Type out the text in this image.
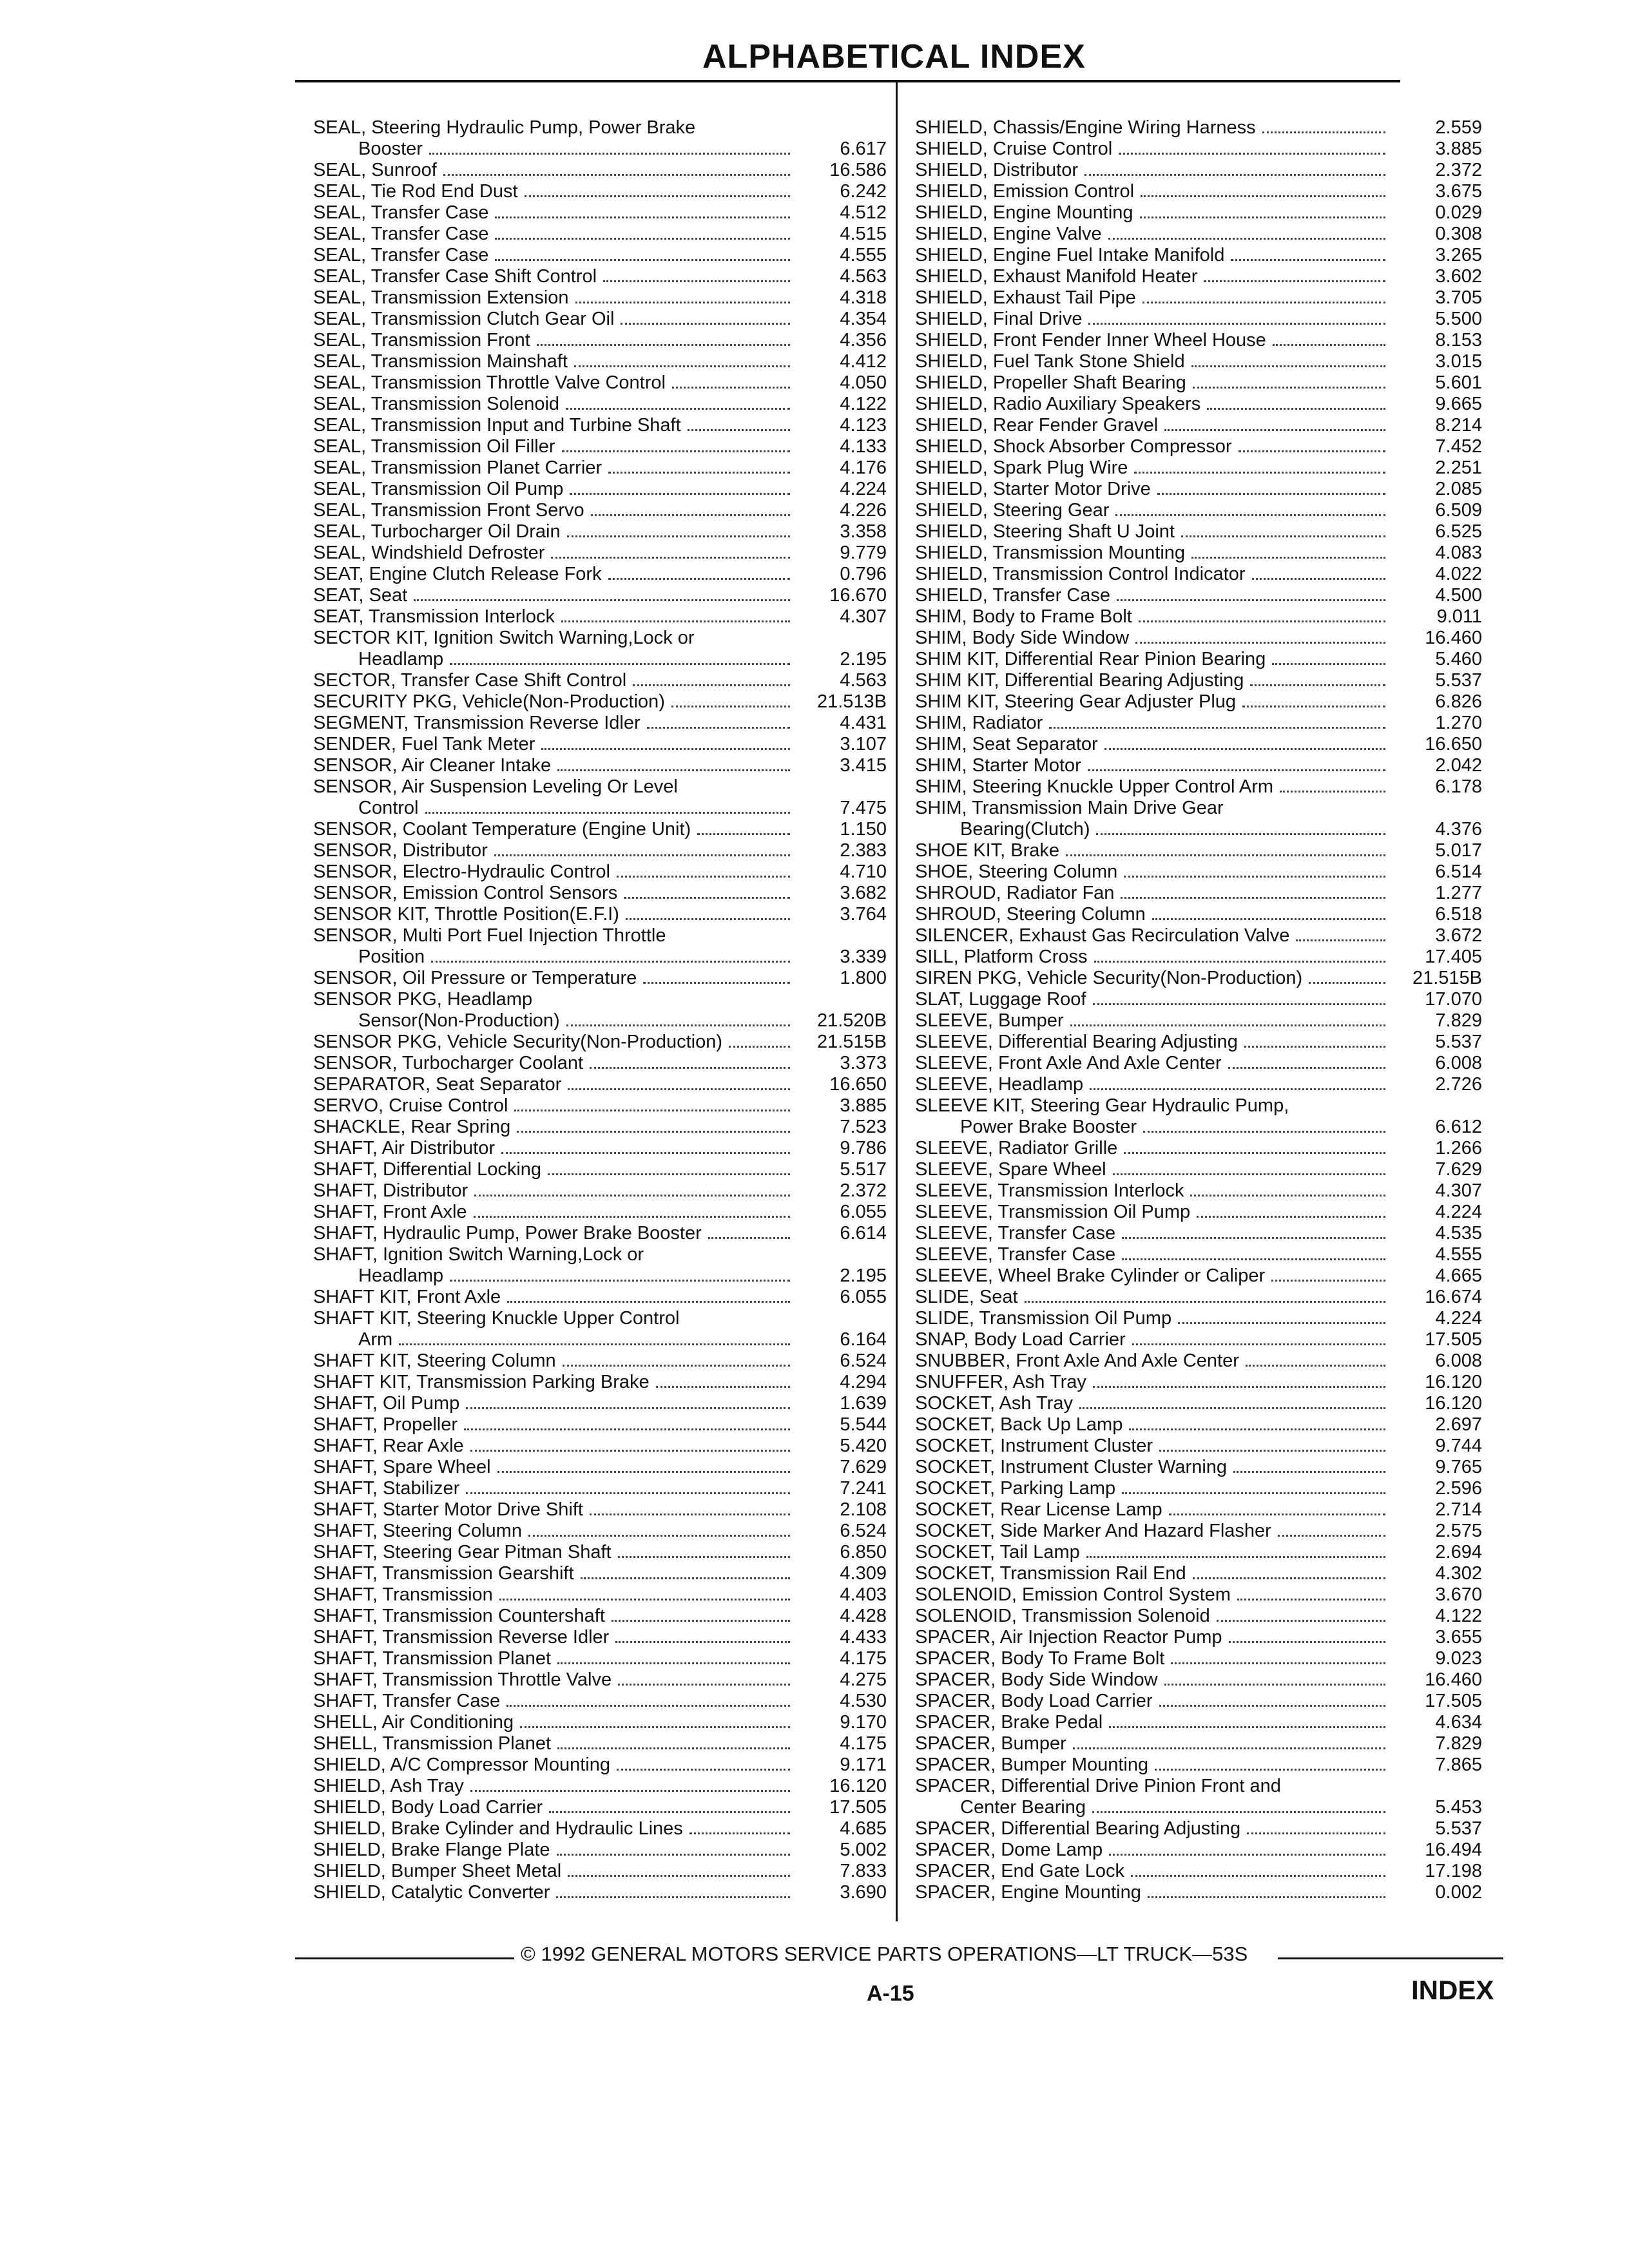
ALPHABETICAL INDEX
SEAL, Steering Hydraulic Pump, Power Brake
Booster	6.617
SEAL, Sunroof	16.586
SEAL, Tie Rod End Dust	6.242
SEAL, Transfer Case	4.512
SEAL, Transfer Case	4.515
SEAL, Transfer Case	4.555
SEAL, Transfer Case Shift Control	4.563
SEAL, Transmission Extension	4.318
SEAL, Transmission Clutch Gear Oil	4.354
SEAL, Transmission Front	4.356
SEAL, Transmission Mainshaft	4.412
SEAL, Transmission Throttle Valve Control	4.050
SEAL, Transmission Solenoid	4.122
SEAL, Transmission Input and Turbine Shaft	4.123
SEAL, Transmission Oil Filler	4.133
SEAL, Transmission Planet Carrier	4.176
SEAL, Transmission Oil Pump	4.224
SEAL, Transmission Front Servo	4.226
SEAL, Turbocharger Oil Drain	3.358
SEAL, Windshield Defroster	9.779
SEAT, Engine Clutch Release Fork	0.796
SEAT, Seat	16.670
SEAT, Transmission Interlock	4.307
SECTOR KIT, Ignition Switch Warning,Lock or
Headlamp	2.195
SECTOR, Transfer Case Shift Control	4.563
SECURITY PKG, Vehicle(Non-Production)	21.513B
SEGMENT, Transmission Reverse Idler	4.431
SENDER, Fuel Tank Meter	3.107
SENSOR, Air Cleaner Intake	3.415
SENSOR, Air Suspension Leveling Or Level
Control	7.475
SENSOR, Coolant Temperature (Engine Unit)	1.150
SENSOR, Distributor	2.383
SENSOR, Electro-Hydraulic Control	4.710
SENSOR, Emission Control Sensors	3.682
SENSOR KIT, Throttle Position(E.F.I)	3.764
SENSOR, Multi Port Fuel Injection Throttle
Position	3.339
SENSOR, Oil Pressure or Temperature	1.800
SENSOR PKG, Headlamp
Sensor(Non-Production)	21.520B
SENSOR PKG, Vehicle Security(Non-Production)	21.515B
SENSOR, Turbocharger Coolant	3.373
SEPARATOR, Seat Separator	16.650
SERVO, Cruise Control	3.885
SHACKLE, Rear Spring	7.523
SHAFT, Air Distributor	9.786
SHAFT, Differential Locking	5.517
SHAFT, Distributor	2.372
SHAFT, Front Axle	6.055
SHAFT, Hydraulic Pump, Power Brake Booster	6.614
SHAFT, Ignition Switch Warning,Lock or
Headlamp	2.195
SHAFT KIT, Front Axle	6.055
SHAFT KIT, Steering Knuckle Upper Control
Arm	6.164
SHAFT KIT, Steering Column	6.524
SHAFT KIT, Transmission Parking Brake	4.294
SHAFT, Oil Pump	1.639
SHAFT, Propeller	5.544
SHAFT, Rear Axle	5.420
SHAFT, Spare Wheel	7.629
SHAFT, Stabilizer	7.241
SHAFT, Starter Motor Drive Shift	2.108
SHAFT, Steering Column	6.524
SHAFT, Steering Gear Pitman Shaft	6.850
SHAFT, Transmission Gearshift	4.309
SHAFT, Transmission	4.403
SHAFT, Transmission Countershaft	4.428
SHAFT, Transmission Reverse Idler	4.433
SHAFT, Transmission Planet	4.175
SHAFT, Transmission Throttle Valve	4.275
SHAFT, Transfer Case	4.530
SHELL, Air Conditioning	9.170
SHELL, Transmission Planet	4.175
SHIELD, A/C Compressor Mounting	9.171
SHIELD, Ash Tray	16.120
SHIELD, Body Load Carrier	17.505
SHIELD, Brake Cylinder and Hydraulic Lines	4.685
SHIELD, Brake Flange Plate	5.002
SHIELD, Bumper Sheet Metal	7.833
SHIELD, Catalytic Converter	3.690
SHIELD, Chassis/Engine Wiring Harness	2.559
SHIELD, Cruise Control	3.885
SHIELD, Distributor	2.372
SHIELD, Emission Control	3.675
SHIELD, Engine Mounting	0.029
SHIELD, Engine Valve	0.308
SHIELD, Engine Fuel Intake Manifold	3.265
SHIELD, Exhaust Manifold Heater	3.602
SHIELD, Exhaust Tail Pipe	3.705
SHIELD, Final Drive	5.500
SHIELD, Front Fender Inner Wheel House	8.153
SHIELD, Fuel Tank Stone Shield	3.015
SHIELD, Propeller Shaft Bearing	5.601
SHIELD, Radio Auxiliary Speakers	9.665
SHIELD, Rear Fender Gravel	8.214
SHIELD, Shock Absorber Compressor	7.452
SHIELD, Spark Plug Wire	2.251
SHIELD, Starter Motor Drive	2.085
SHIELD, Steering Gear	6.509
SHIELD, Steering Shaft U Joint	6.525
SHIELD, Transmission Mounting	4.083
SHIELD, Transmission Control Indicator	4.022
SHIELD, Transfer Case	4.500
SHIM, Body to Frame Bolt	9.011
SHIM, Body Side Window	16.460
SHIM KIT, Differential Rear Pinion Bearing	5.460
SHIM KIT, Differential Bearing Adjusting	5.537
SHIM KIT, Steering Gear Adjuster Plug	6.826
SHIM, Radiator	1.270
SHIM, Seat Separator	16.650
SHIM, Starter Motor	2.042
SHIM, Steering Knuckle Upper Control Arm	6.178
SHIM, Transmission Main Drive Gear
Bearing(Clutch)	4.376
SHOE KIT, Brake	5.017
SHOE, Steering Column	6.514
SHROUD, Radiator Fan	1.277
SHROUD, Steering Column	6.518
SILENCER, Exhaust Gas Recirculation Valve	3.672
SILL, Platform Cross	17.405
SIREN PKG, Vehicle Security(Non-Production)	21.515B
SLAT, Luggage Roof	17.070
SLEEVE, Bumper	7.829
SLEEVE, Differential Bearing Adjusting	5.537
SLEEVE, Front Axle And Axle Center	6.008
SLEEVE, Headlamp	2.726
SLEEVE KIT, Steering Gear Hydraulic Pump,
Power Brake Booster	6.612
SLEEVE, Radiator Grille	1.266
SLEEVE, Spare Wheel	7.629
SLEEVE, Transmission Interlock	4.307
SLEEVE, Transmission Oil Pump	4.224
SLEEVE, Transfer Case	4.535
SLEEVE, Transfer Case	4.555
SLEEVE, Wheel Brake Cylinder or Caliper	4.665
SLIDE, Seat	16.674
SLIDE, Transmission Oil Pump	4.224
SNAP, Body Load Carrier	17.505
SNUBBER, Front Axle And Axle Center	6.008
SNUFFER, Ash Tray	16.120
SOCKET, Ash Tray	16.120
SOCKET, Back Up Lamp	2.697
SOCKET, Instrument Cluster	9.744
SOCKET, Instrument Cluster Warning	9.765
SOCKET, Parking Lamp	2.596
SOCKET, Rear License Lamp	2.714
SOCKET, Side Marker And Hazard Flasher	2.575
SOCKET, Tail Lamp	2.694
SOCKET, Transmission Rail End	4.302
SOLENOID, Emission Control System	3.670
SOLENOID, Transmission Solenoid	4.122
SPACER, Air Injection Reactor Pump	3.655
SPACER, Body To Frame Bolt	9.023
SPACER, Body Side Window	16.460
SPACER, Body Load Carrier	17.505
SPACER, Brake Pedal	4.634
SPACER, Bumper	7.829
SPACER, Bumper Mounting	7.865
SPACER, Differential Drive Pinion Front and
Center Bearing	5.453
SPACER, Differential Bearing Adjusting	5.537
SPACER, Dome Lamp	16.494
SPACER, End Gate Lock	17.198
SPACER, Engine Mounting	0.002
© 1992 GENERAL MOTORS SERVICE PARTS OPERATIONS—LT TRUCK—53S
A-15	INDEX
